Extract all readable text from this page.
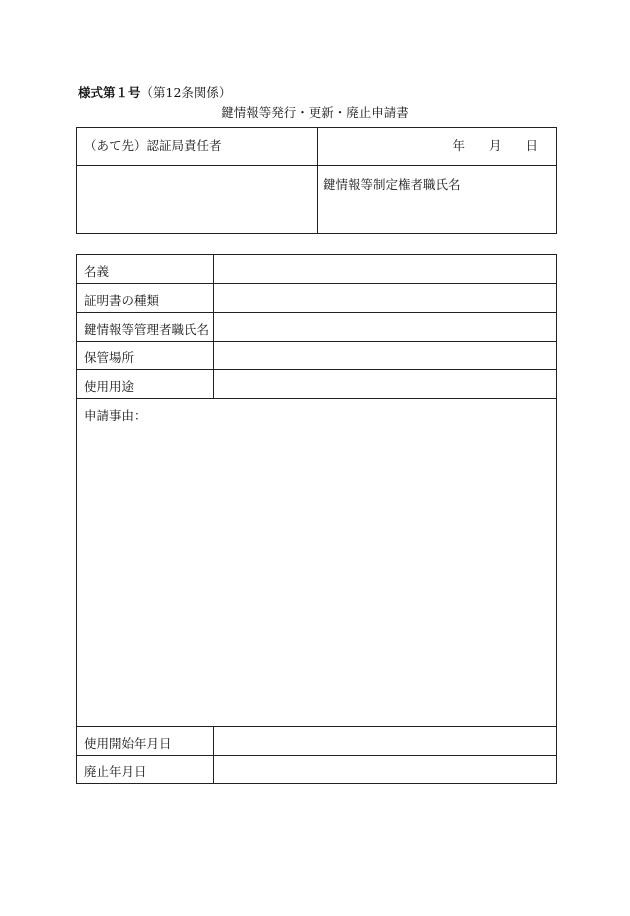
様式第１号（第12条関係）
鍵情報等発行・更新・廃止申請書
（あて先）認証局責任者	年 月 日
鍵情報等制定権者職氏名
名義
証明書の種類
鍵情報等管理者職氏名
保管場所
使用用途
申請事由：
使用開始年月日
廃止年月日
